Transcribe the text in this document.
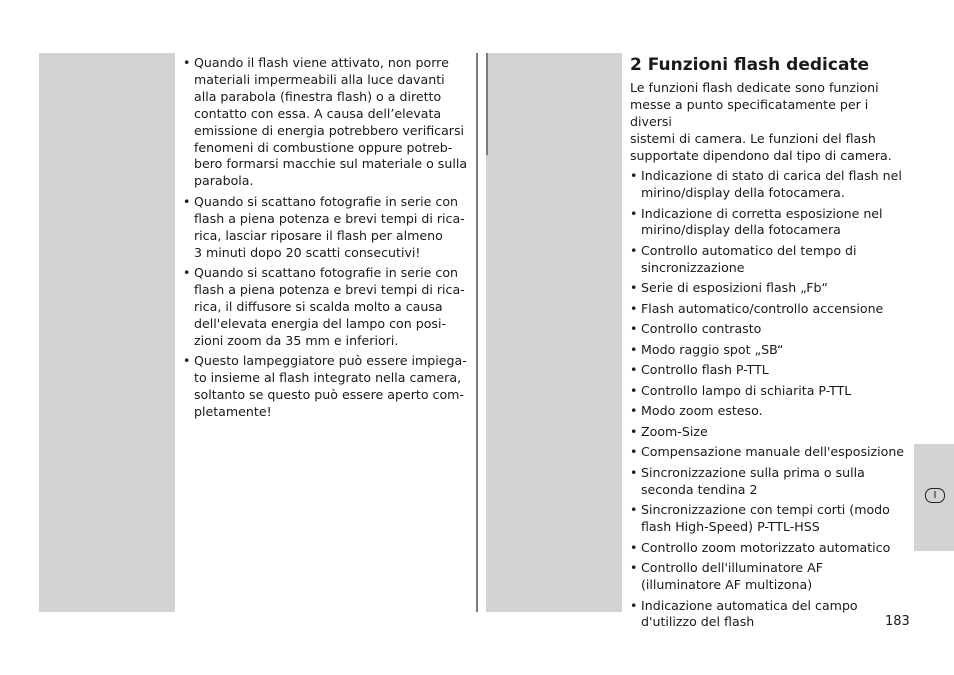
• Quando il flash viene attivato, non porre
materiali impermeabili alla luce davanti
alla parabola (finestra flash) o a diretto
contatto con essa. A causa dell’elevata
emissione di energia potrebbero verificarsi
fenomeni di combustione oppure potreb-
bero formarsi macchie sul materiale o sulla
parabola.
• Quando si scattano fotografie in serie con
flash a piena potenza e brevi tempi di rica-
rica, lasciar riposare il flash per almeno
3 minuti dopo 20 scatti consecutivi!
• Quando si scattano fotografie in serie con
flash a piena potenza e brevi tempi di rica-
rica, il diffusore si scalda molto a causa
dell'elevata energia del lampo con posi-
zioni zoom da 35 mm e inferiori.
• Questo lampeggiatore può essere impiega-
to insieme al flash integrato nella camera,
soltanto se questo può essere aperto com-
pletamente!
2 Funzioni flash dedicate

Le funzioni flash dedicate sono funzioni
messe a punto specificatamente per i diversi
sistemi di camera. Le funzioni del flash
supportate dipendono dal tipo di camera.

• Indicazione di stato di carica del flash nel
mirino/display della fotocamera.
• Indicazione di corretta esposizione nel
mirino/display della fotocamera
• Controllo automatico del tempo di
sincronizzazione
• Serie di esposizioni flash „Fb“
• Flash automatico/controllo accensione
• Controllo contrasto
• Modo raggio spot „SB“
• Controllo flash P-TTL
• Controllo lampo di schiarita P-TTL
• Modo zoom esteso.
• Zoom-Size
• Compensazione manuale dell'esposizione
• Sincronizzazione sulla prima o sulla
seconda tendina 2
• Sincronizzazione con tempi corti (modo
flash High-Speed) P-TTL-HSS
• Controllo zoom motorizzato automatico
• Controllo dell'illuminatore AF
(illuminatore AF multizona)
• Indicazione automatica del campo
d'utilizzo del flash
I
183
